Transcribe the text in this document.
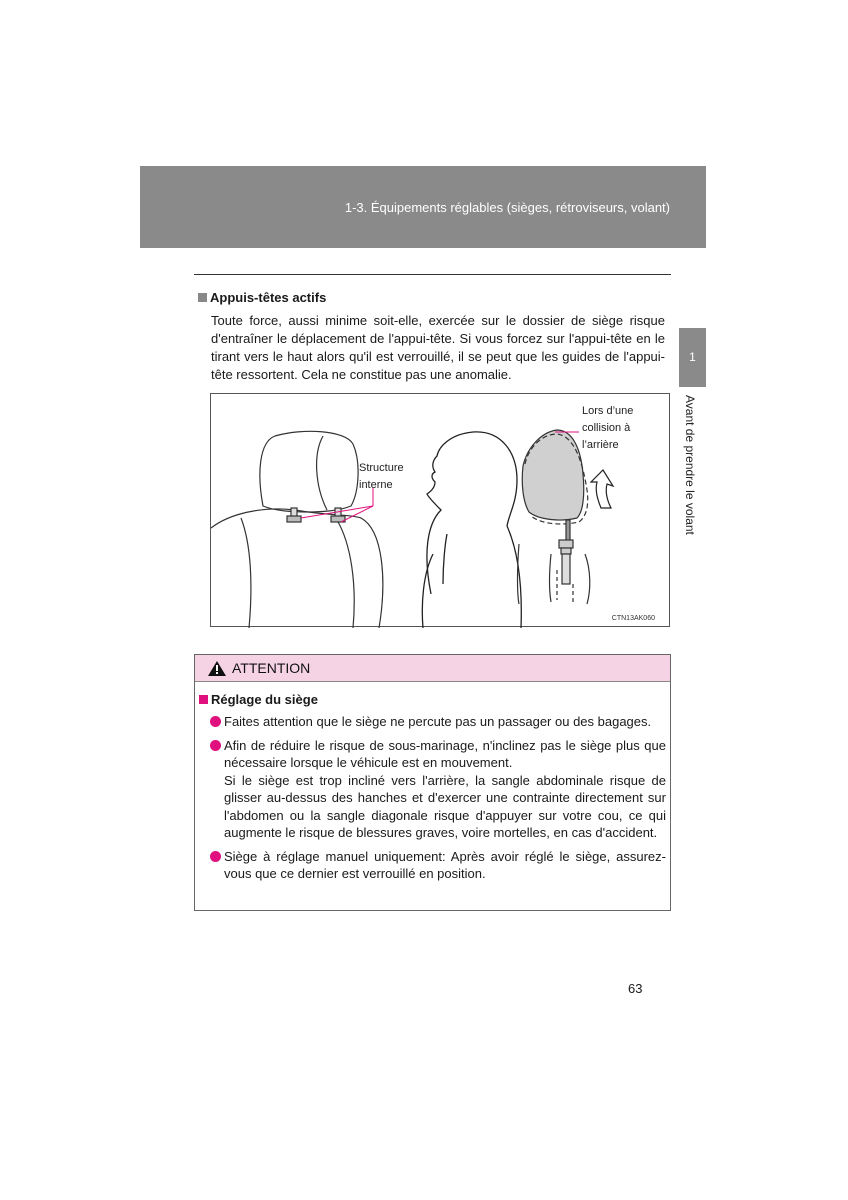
1-3. Équipements réglables (sièges, rétroviseurs, volant)
1
Avant de prendre le volant
Appuis-têtes actifs

Toute force, aussi minime soit-elle, exercée sur le dossier de siège risque d'entraîner le déplacement de l'appui-tête. Si vous forcez sur l'appui-tête en le tirant vers le haut alors qu'il est verrouillé, il se peut que les guides de l'appui-tête ressortent. Cela ne constitue pas une anomalie.

Structure
interne
Lors d’une
collision à
l’arrière
CTN13AK060
ATTENTION
Réglage du siège
Faites attention que le siège ne percute pas un passager ou des bagages.
Afin de réduire le risque de sous-marinage, n'inclinez pas le siège plus que nécessaire lorsque le véhicule est en mouvement.
Si le siège est trop incliné vers l'arrière, la sangle abdominale risque de glisser au-dessus des hanches et d'exercer une contrainte directement sur l'abdomen ou la sangle diagonale risque d'appuyer sur votre cou, ce qui augmente le risque de blessures graves, voire mortelles, en cas d'accident.
Siège à réglage manuel uniquement: Après avoir réglé le siège, assurez-vous que ce dernier est verrouillé en position.
63
